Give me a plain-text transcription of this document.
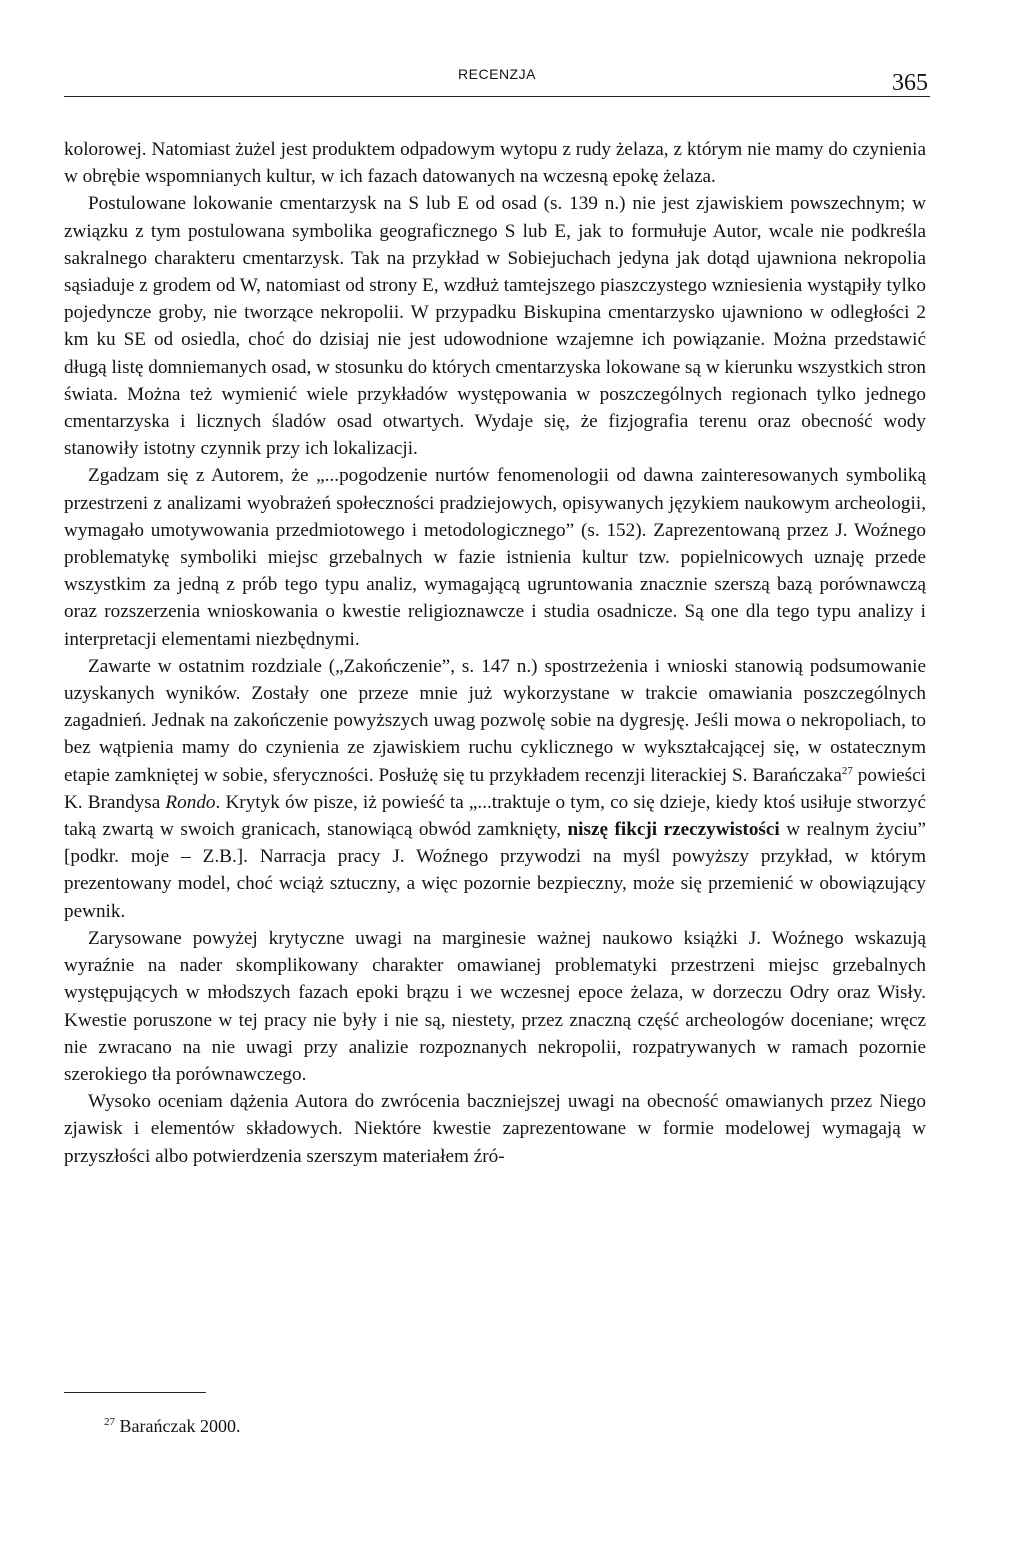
RECENZJA	365

kolorowej. Natomiast żużel jest produktem odpadowym wytopu z rudy żelaza, z którym nie mamy do czynienia w obrębie wspomnianych kultur, w ich fazach datowanych na wczesną epokę żelaza.

Postulowane lokowanie cmentarzysk na S lub E od osad (s. 139 n.) nie jest zjawiskiem powszechnym; w związku z tym postulowana symbolika geograficznego S lub E, jak to formułuje Autor, wcale nie podkreśla sakralnego charakteru cmentarzysk. Tak na przykład w Sobiejuchach jedyna jak dotąd ujawniona nekropolia sąsiaduje z grodem od W, natomiast od strony E, wzdłuż tamtejszego piaszczystego wzniesienia wystąpiły tylko pojedyncze groby, nie tworzące nekropolii. W przypadku Biskupina cmentarzysko ujawniono w odległości 2 km ku SE od osiedla, choć do dzisiaj nie jest udowodnione wzajemne ich powiązanie. Można przedstawić długą listę domniemanych osad, w stosunku do których cmentarzyska lokowane są w kierunku wszystkich stron świata. Można też wymienić wiele przykładów występowania w poszczególnych regionach tylko jednego cmentarzyska i licznych śladów osad otwartych. Wydaje się, że fizjografia terenu oraz obecność wody stanowiły istotny czynnik przy ich lokalizacji.

Zgadzam się z Autorem, że „...pogodzenie nurtów fenomenologii od dawna zainteresowanych symboliką przestrzeni z analizami wyobrażeń społeczności pradziejowych, opisywanych językiem naukowym archeologii, wymagało umotywowania przedmiotowego i metodologicznego” (s. 152). Zaprezentowaną przez J. Woźnego problematykę symboliki miejsc grzebalnych w fazie istnienia kultur tzw. popielnicowych uznaję przede wszystkim za jedną z prób tego typu analiz, wymagającą ugruntowania znacznie szerszą bazą porównawczą oraz rozszerzenia wnioskowania o kwestie religioznawcze i studia osadnicze. Są one dla tego typu analizy i interpretacji elementami niezbędnymi.

Zawarte w ostatnim rozdziale („Zakończenie”, s. 147 n.) spostrzeżenia i wnioski stanowią podsumowanie uzyskanych wyników. Zostały one przeze mnie już wykorzystane w trakcie omawiania poszczególnych zagadnień. Jednak na zakończenie powyższych uwag pozwolę sobie na dygresję. Jeśli mowa o nekropoliach, to bez wątpienia mamy do czynienia ze zjawiskiem ruchu cyklicznego w wykształcającej się, w ostatecznym etapie zamkniętej w sobie, sferyczności. Posłużę się tu przykładem recenzji literackiej S. Barańczaka$^{27}$ powieści K. Brandysa Rondo. Krytyk ów pisze, iż powieść ta „...traktuje o tym, co się dzieje, kiedy ktoś usiłuje stworzyć taką zwartą w swoich granicach, stanowiącą obwód zamknięty, niszę fikcji rzeczywistości w realnym życiu” [podkr. moje – Z.B.]. Narracja pracy J. Woźnego przywodzi na myśl powyższy przykład, w którym prezentowany model, choć wciąż sztuczny, a więc pozornie bezpieczny, może się przemienić w obowiązujący pewnik.

Zarysowane powyżej krytyczne uwagi na marginesie ważnej naukowo książki J. Woźnego wskazują wyraźnie na nader skomplikowany charakter omawianej problematyki przestrzeni miejsc grzebalnych występujących w młodszych fazach epoki brązu i we wczesnej epoce żelaza, w dorzeczu Odry oraz Wisły. Kwestie poruszone w tej pracy nie były i nie są, niestety, przez znaczną część archeologów doceniane; wręcz nie zwracano na nie uwagi przy analizie rozpoznanych nekropolii, rozpatrywanych w ramach pozornie szerokiego tła porównawczego.

Wysoko oceniam dążenia Autora do zwrócenia baczniejszej uwagi na obecność omawianych przez Niego zjawisk i elementów składowych. Niektóre kwestie zaprezentowane w formie modelowej wymagają w przyszłości albo potwierdzenia szerszym materiałem źró-

$^{27}$ Barańczak 2000.
